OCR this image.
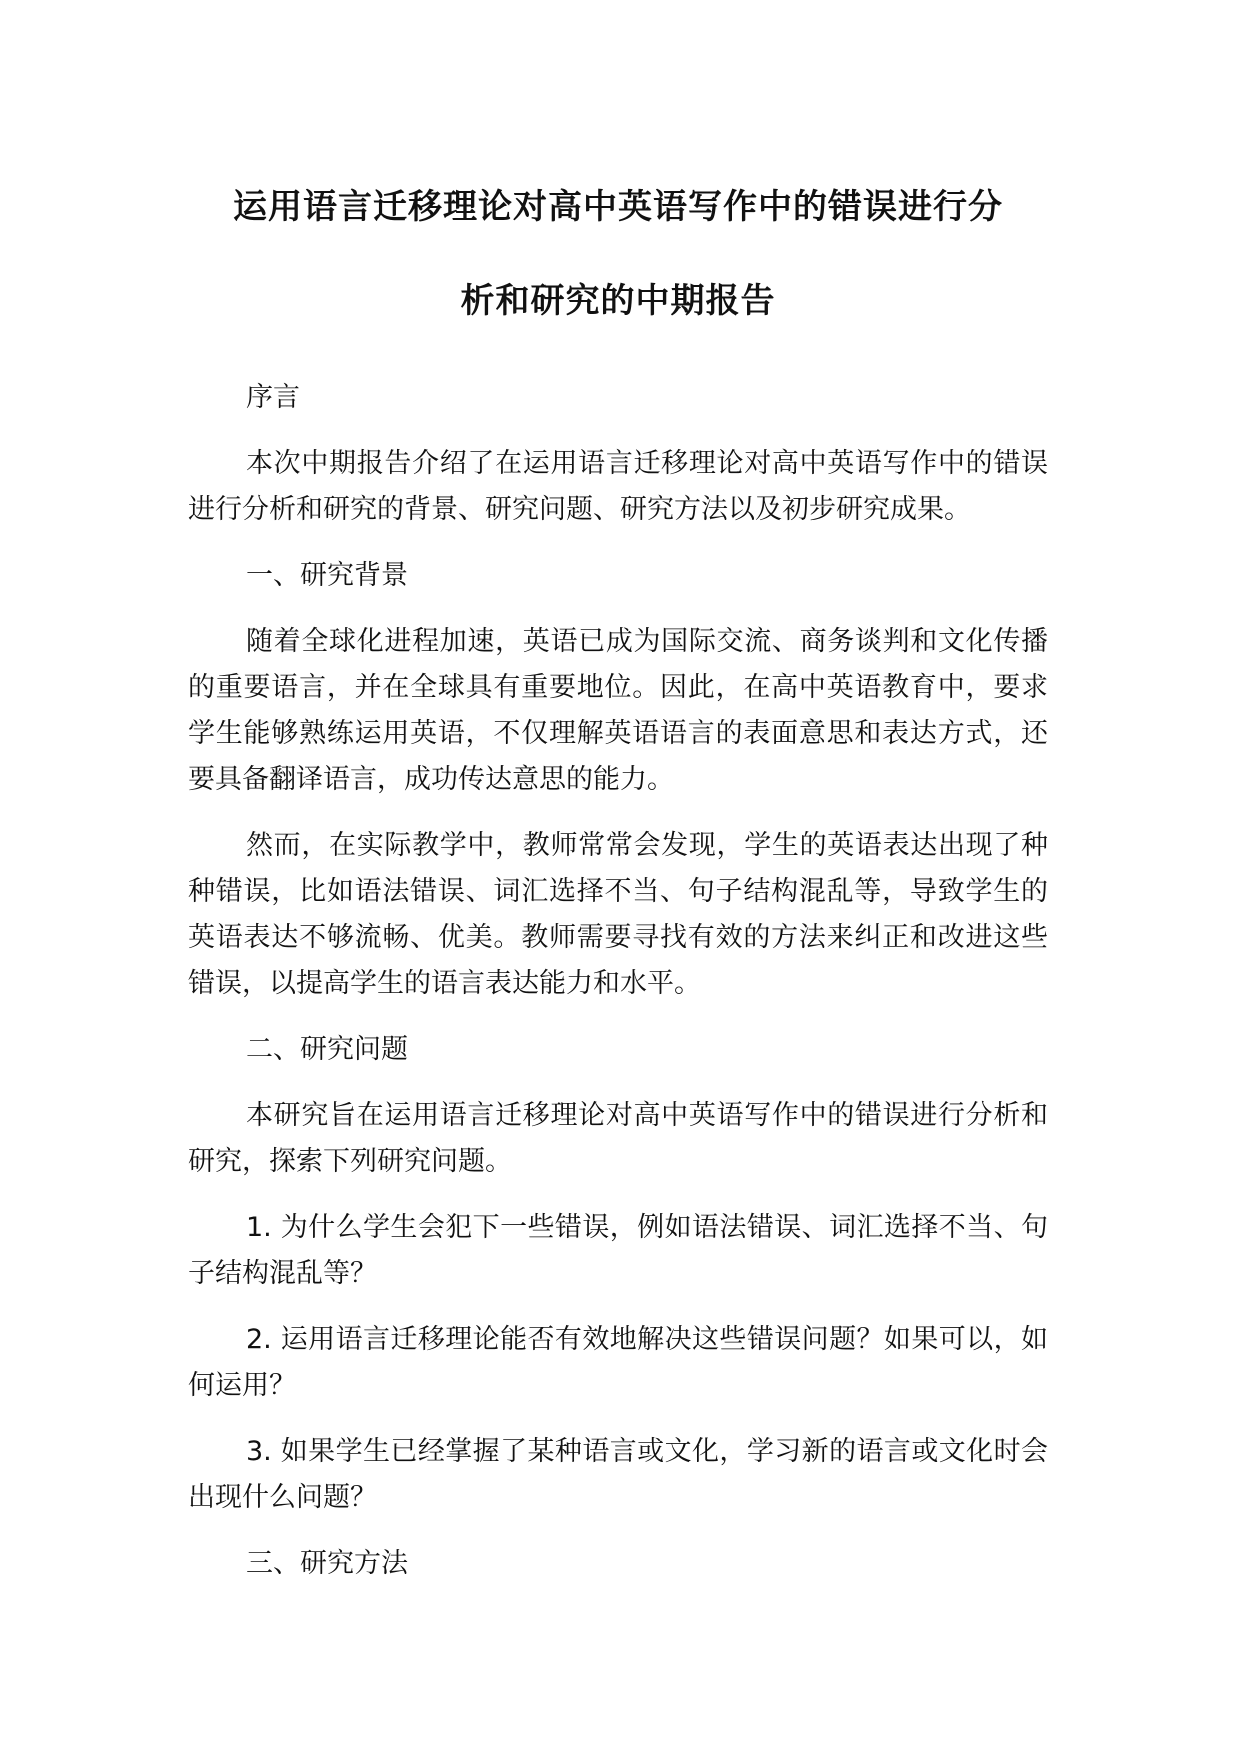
运用语言迁移理论对高中英语写作中的错误进行分
析和研究的中期报告

序言

本次中期报告介绍了在运用语言迁移理论对高中英语写作中的错误进行分析和研究的背景、研究问题、研究方法以及初步研究成果。

一、研究背景

随着全球化进程加速，英语已成为国际交流、商务谈判和文化传播的重要语言，并在全球具有重要地位。因此，在高中英语教育中，要求学生能够熟练运用英语，不仅理解英语语言的表面意思和表达方式，还要具备翻译语言，成功传达意思的能力。

然而，在实际教学中，教师常常会发现，学生的英语表达出现了种种错误，比如语法错误、词汇选择不当、句子结构混乱等，导致学生的英语表达不够流畅、优美。教师需要寻找有效的方法来纠正和改进这些错误，以提高学生的语言表达能力和水平。

二、研究问题

本研究旨在运用语言迁移理论对高中英语写作中的错误进行分析和研究，探索下列研究问题。

1. 为什么学生会犯下一些错误，例如语法错误、词汇选择不当、句子结构混乱等？

2. 运用语言迁移理论能否有效地解决这些错误问题？如果可以，如何运用？

3. 如果学生已经掌握了某种语言或文化，学习新的语言或文化时会出现什么问题？

三、研究方法
